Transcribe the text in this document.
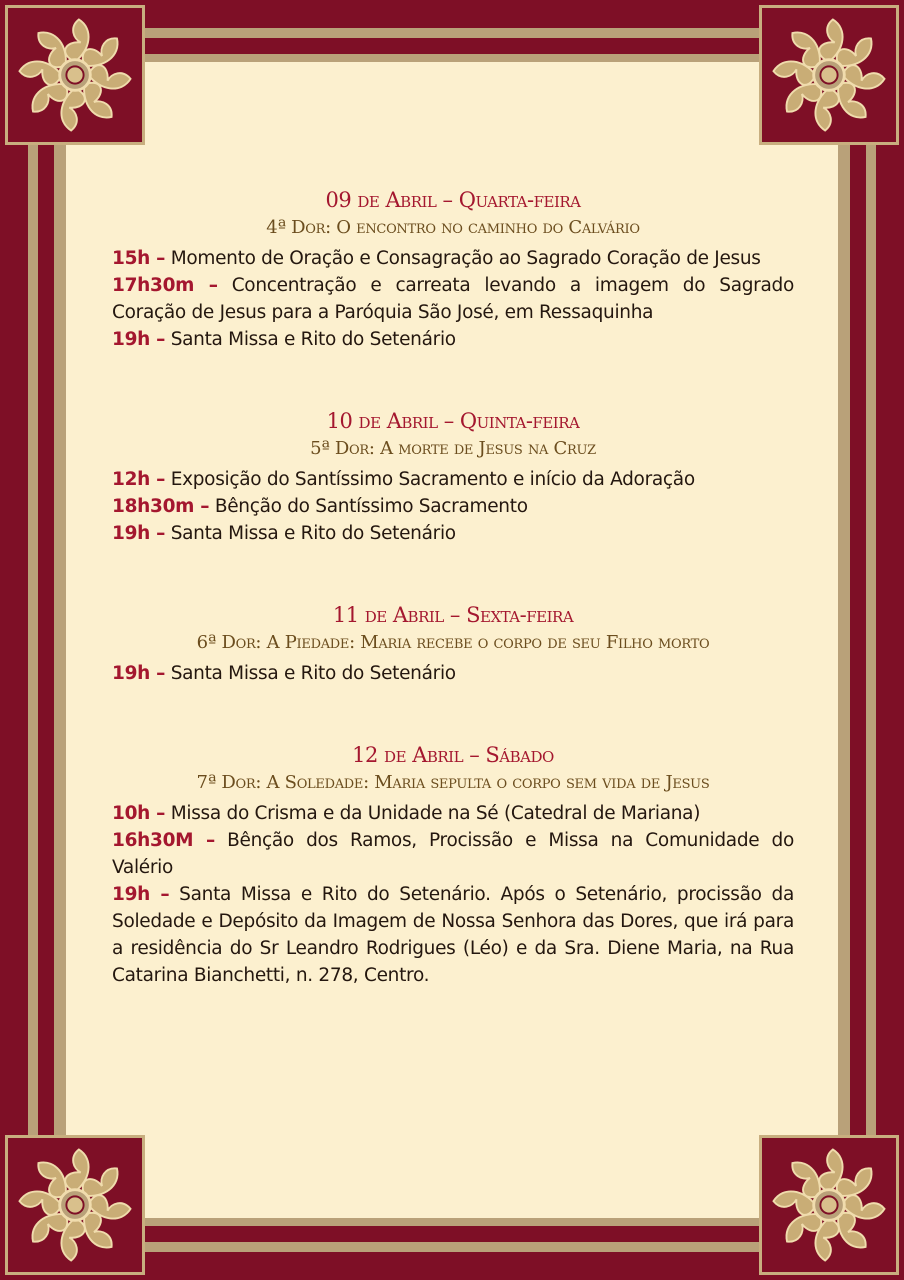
09 de Abril – Quarta-feira
4ª Dor: O encontro no caminho do Calvário
15h – Momento de Oração e Consagração ao Sagrado Coração de Jesus
17h30m – Concentração e carreata levando a imagem do Sagrado Coração de Jesus para a Paróquia São José, em Ressaquinha
19h – Santa Missa e Rito do Setenário
10 de Abril – Quinta-feira
5ª Dor: A morte de Jesus na Cruz
12h – Exposição do Santíssimo Sacramento e início da Adoração
18h30m – Bênção do Santíssimo Sacramento
19h – Santa Missa e Rito do Setenário
11 de Abril – Sexta-feira
6ª Dor: A Piedade: Maria recebe o corpo de seu Filho morto
19h – Santa Missa e Rito do Setenário
12 de Abril – Sábado
7ª Dor: A Soledade: Maria sepulta o corpo sem vida de Jesus
10h – Missa do Crisma e da Unidade na Sé (Catedral de Mariana)
16h30M – Bênção dos Ramos, Procissão e Missa na Comunidade do Valério
19h – Santa Missa e Rito do Setenário. Após o Setenário, procissão da Soledade e Depósito da Imagem de Nossa Senhora das Dores, que irá para a residência do Sr Leandro Rodrigues (Léo) e da Sra. Diene Maria, na Rua Catarina Bianchetti, n. 278, Centro.
